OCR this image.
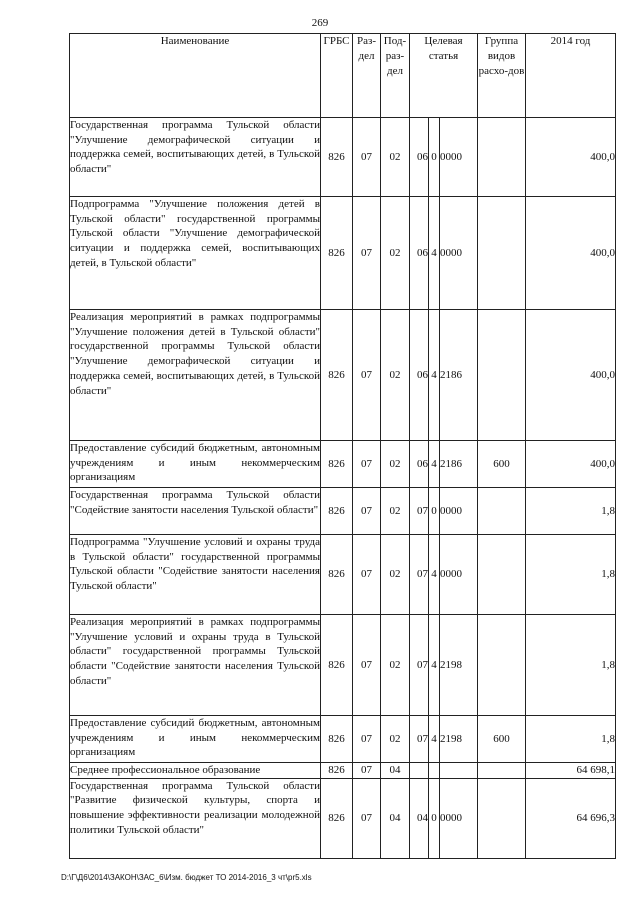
269
Наименование	ГРБС	Раз-дел	Под-раз-дел	Целевая статья			Группа видов расхо-дов	2014 год
Государственная программа Тульской области "Улучшение демографической ситуации и поддержка семей, воспитывающих детей, в Тульской области"	826	07	02	06	0	0000		400,0
Подпрограмма "Улучшение положения детей в Тульской области" государственной программы Тульской области "Улучшение демографической ситуации и поддержка семей, воспитывающих детей, в Тульской области"	826	07	02	06	4	0000		400,0
Реализация мероприятий в рамках подпрограммы "Улучшение положения детей в Тульской области" государственной программы Тульской области "Улучшение демографической ситуации и поддержка семей, воспитывающих детей, в Тульской области"	826	07	02	06	4	2186		400,0
Предоставление субсидий бюджетным, автономным учреждениям и иным некоммерческим организациям	826	07	02	06	4	2186	600	400,0
Государственная программа Тульской области "Содействие занятости населения Тульской области"	826	07	02	07	0	0000		1,8
Подпрограмма "Улучшение условий и охраны труда в Тульской области" государственной программы Тульской области "Содействие занятости населения Тульской области"	826	07	02	07	4	0000		1,8
Реализация мероприятий в рамках подпрограммы "Улучшение условий и охраны труда в Тульской области" государственной программы Тульской области "Содействие занятости населения Тульской области"	826	07	02	07	4	2198		1,8
Предоставление субсидий бюджетным, автономным учреждениям и иным некоммерческим организациям	826	07	02	07	4	2198	600	1,8
Среднее профессиональное образование	826	07	04					64 698,1
Государственная программа Тульской области "Развитие физической культуры, спорта и повышение эффективности реализации молодежной политики Тульской области"	826	07	04	04	0	0000		64 696,3
D:\Г\Д6\2014\ЗАКОН\ЗАС_6\Изм. бюджет ТО 2014-2016_3 чт\pr5.xls
